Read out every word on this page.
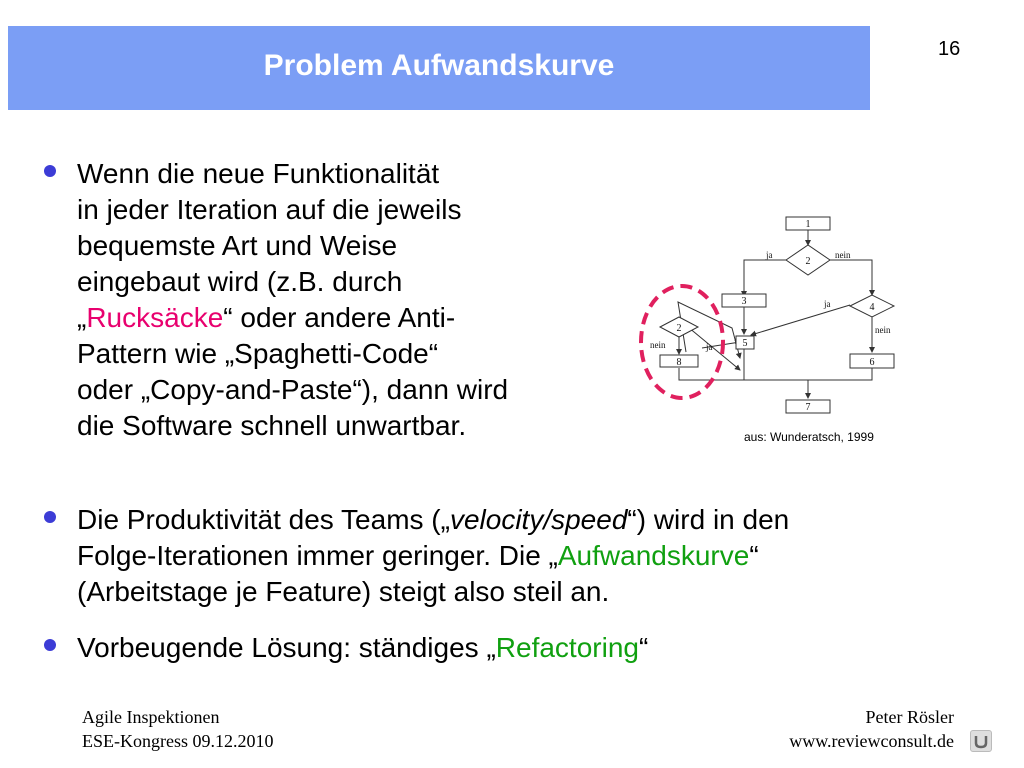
Problem Aufwandskurve	16
Wenn die neue Funktionalität
in jeder Iteration auf die jeweils
bequemste Art und Weise
eingebaut wird (z.B. durch
„Rucksäcke“ oder andere Anti-
Pattern wie „Spaghetti-Code“
oder „Copy-and-Paste“), dann wird
die Software schnell unwartbar.
Die Produktivität des Teams („velocity/speed“) wird in den
Folge-Iterationen immer geringer. Die „Aufwandskurve“
(Arbeitstage je Feature) steigt also steil an.
Vorbeugende Lösung: ständiges „Refactoring“
1
2
3
4
5
6
7
2
8
ja	nein
ja
nein
nein	ja
aus: Wunderatsch, 1999
Agile Inspektionen
ESE-Kongress 09.12.2010
Peter Rösler
www.reviewconsult.de
